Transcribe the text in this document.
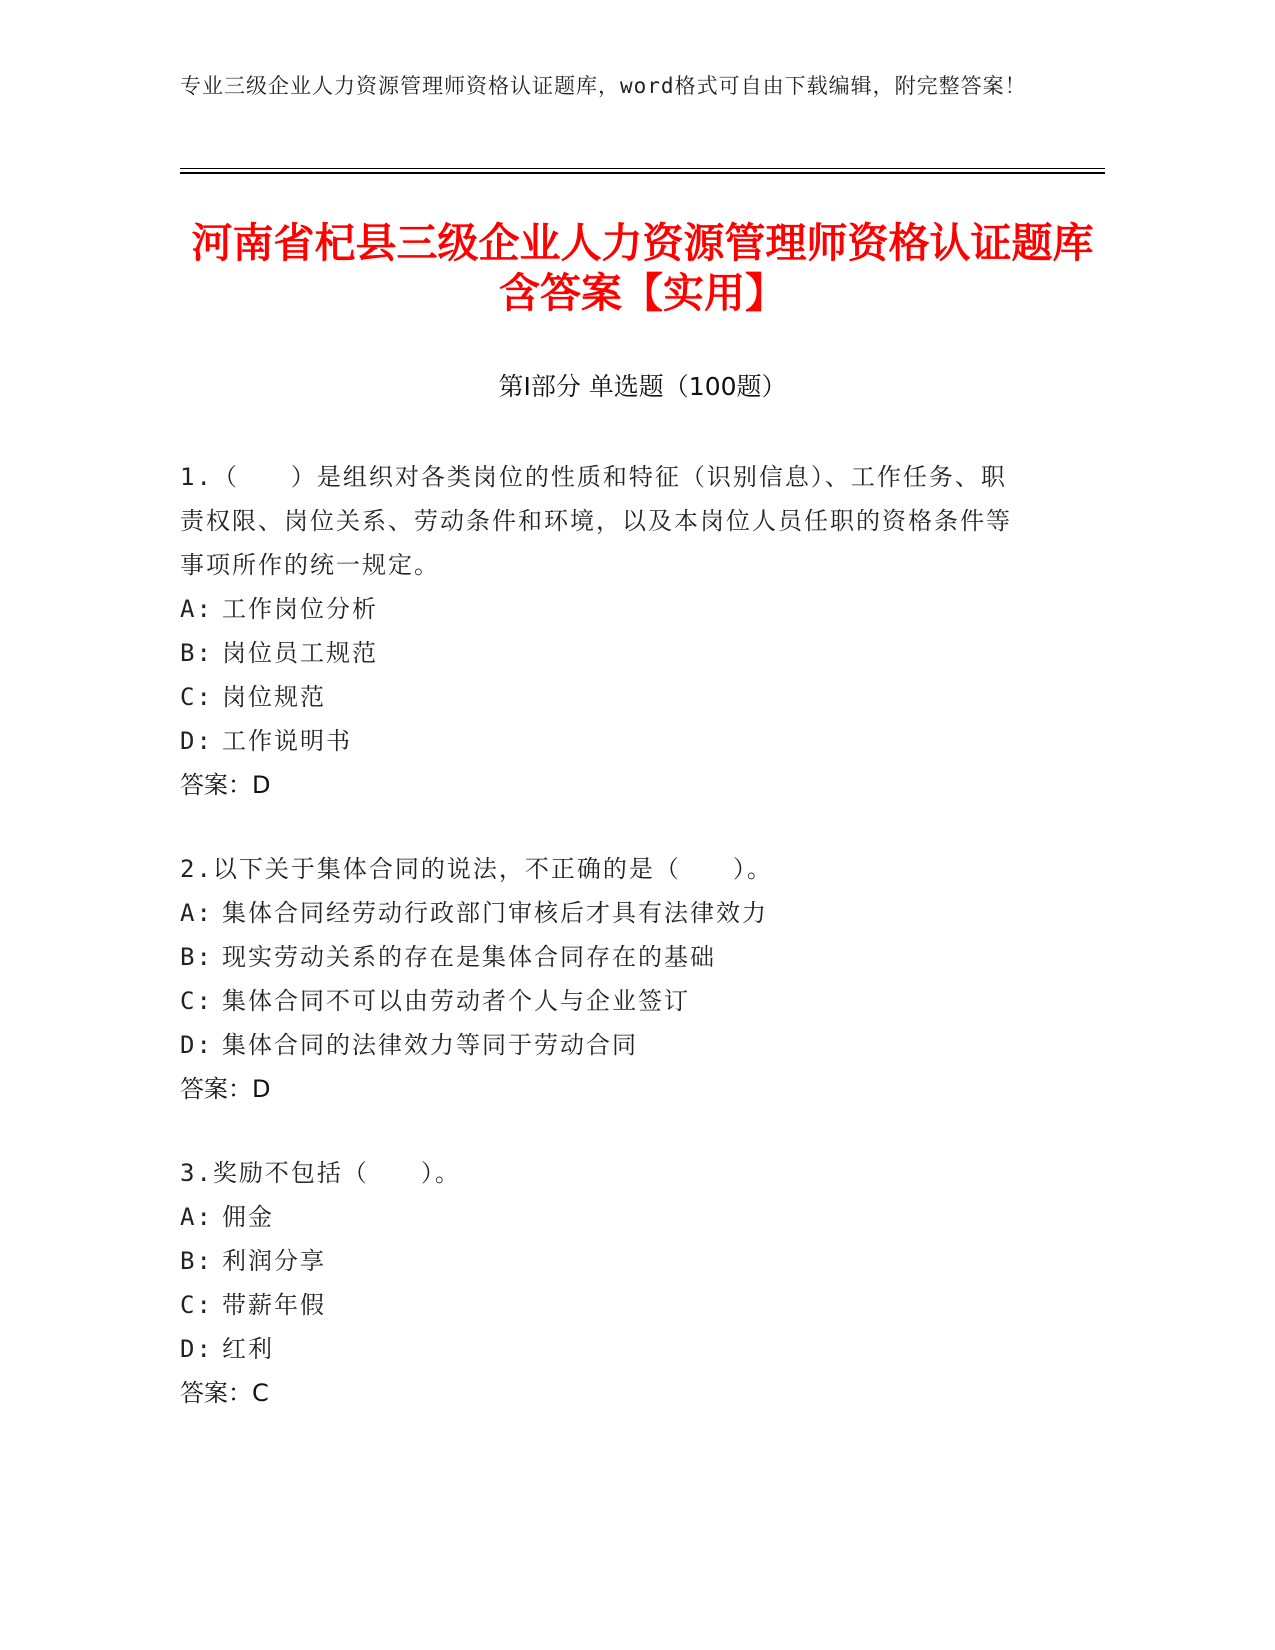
专业三级企业人力资源管理师资格认证题库，word格式可自由下载编辑，附完整答案！
河南省杞县三级企业人力资源管理师资格认证题库含答案【实用】
第Ⅰ部分 单选题（100题）

1.（　　）是组织对各类岗位的性质和特征（识别信息）、工作任务、职责权限、岗位关系、劳动条件和环境，以及本岗位人员任职的资格条件等事项所作的统一规定。

A: 工作岗位分析
B: 岗位员工规范
C: 岗位规范
D: 工作说明书
答案：D

2.以下关于集体合同的说法，不正确的是（　　）。

A: 集体合同经劳动行政部门审核后才具有法律效力
B: 现实劳动关系的存在是集体合同存在的基础
C: 集体合同不可以由劳动者个人与企业签订
D: 集体合同的法律效力等同于劳动合同
答案：D

3.奖励不包括（　　）。

A: 佣金
B: 利润分享
C: 带薪年假
D: 红利
答案：C
